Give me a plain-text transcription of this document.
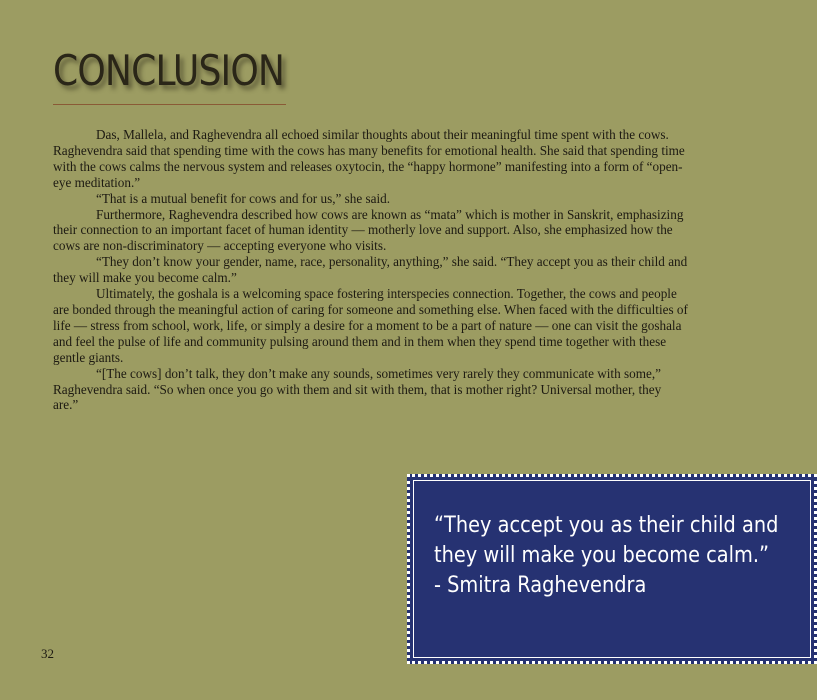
CONCLUSION

Das, Mallela, and Raghevendra all echoed similar thoughts about their meaningful time spent with the cows. Raghevendra said that spending time with the cows has many benefits for emotional health. She said that spending time with the cows calms the nervous system and releases oxytocin, the “happy hormone” manifesting into a form of “open-eye meditation.”

“That is a mutual benefit for cows and for us,” she said.

Furthermore, Raghevendra described how cows are known as “mata” which is mother in Sanskrit, emphasizing their connection to an important facet of human identity — motherly love and support. Also, she emphasized how the cows are non-discriminatory — accepting everyone who visits.

“They don’t know your gender, name, race, personality, anything,” she said. “They accept you as their child and they will make you become calm.”

Ultimately, the goshala is a welcoming space fostering interspecies connection. Together, the cows and people are bonded through the meaningful action of caring for someone and something else. When faced with the difficulties of life — stress from school, work, life, or simply a desire for a moment to be a part of nature — one can visit the goshala and feel the pulse of life and community pulsing around them and in them when they spend time together with these gentle giants.

“[The cows] don’t talk, they don’t make any sounds, sometimes very rarely they communicate with some,” Raghevendra said. “So when once you go with them and sit with them, that is mother right? Universal mother, they are.”

“They accept you as their child and
they will make you become calm.”
- Smitra Raghevendra

32
